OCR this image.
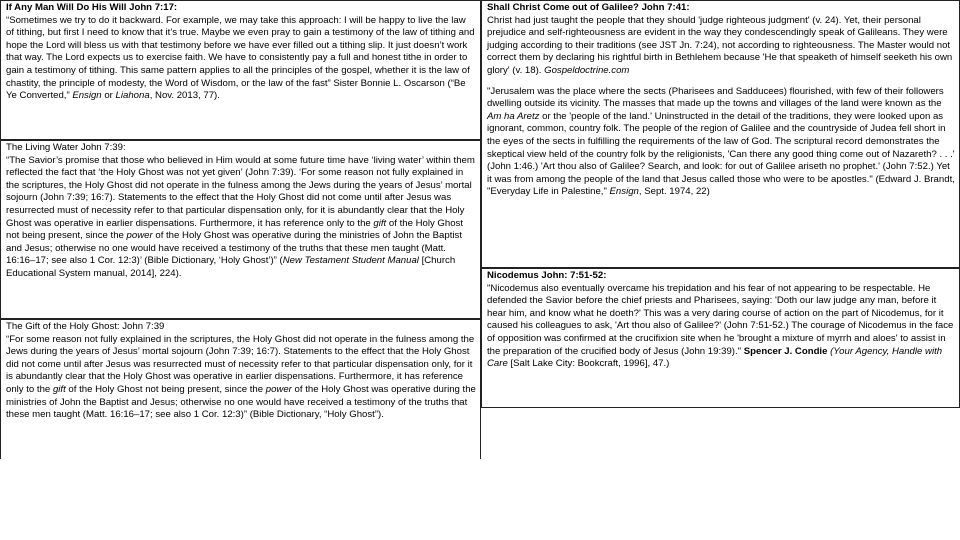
If Any Man Will Do His Will John 7:17:
“Sometimes we try to do it backward. For example, we may take this approach: I will be happy to live the law of tithing, but first I need to know that it’s true. Maybe we even pray to gain a testimony of the law of tithing and hope the Lord will bless us with that testimony before we have ever filled out a tithing slip. It just doesn’t work that way. The Lord expects us to exercise faith. We have to consistently pay a full and honest tithe in order to gain a testimony of tithing. This same pattern applies to all the principles of the gospel, whether it is the law of chastity, the principle of modesty, the Word of Wisdom, or the law of the fast” Sister Bonnie L. Oscarson (“Be Ye Converted,” Ensign or Liahona, Nov. 2013, 77).

The Living Water John 7:39:
“The Savior’s promise that those who believed in Him would at some future time have ‘living water’ within them reflected the fact that ‘the Holy Ghost was not yet given’ (John 7:39). ‘For some reason not fully explained in the scriptures, the Holy Ghost did not operate in the fulness among the Jews during the years of Jesus’ mortal sojourn (John 7:39; 16:7). Statements to the effect that the Holy Ghost did not come until after Jesus was resurrected must of necessity refer to that particular dispensation only, for it is abundantly clear that the Holy Ghost was operative in earlier dispensations. Furthermore, it has reference only to the gift of the Holy Ghost not being present, since the power of the Holy Ghost was operative during the ministries of John the Baptist and Jesus; otherwise no one would have received a testimony of the truths that these men taught (Matt. 16:16–17; see also 1 Cor. 12:3)’ (Bible Dictionary, ‘Holy Ghost’)” (New Testament Student Manual [Church Educational System manual, 2014], 224).

The Gift of the Holy Ghost: John 7:39
“For some reason not fully explained in the scriptures, the Holy Ghost did not operate in the fulness among the Jews during the years of Jesus’ mortal sojourn (John 7:39; 16:7). Statements to the effect that the Holy Ghost did not come until after Jesus was resurrected must of necessity refer to that particular dispensation only, for it is abundantly clear that the Holy Ghost was operative in earlier dispensations. Furthermore, it has reference only to the gift of the Holy Ghost not being present, since the power of the Holy Ghost was operative during the ministries of John the Baptist and Jesus; otherwise no one would have received a testimony of the truths that these men taught (Matt. 16:16–17; see also 1 Cor. 12:3)” (Bible Dictionary, “Holy Ghost”).

Shall Christ Come out of Galilee? John 7:41:
Christ had just taught the people that they should 'judge righteous judgment' (v. 24). Yet, their personal prejudice and self-righteousness are evident in the way they condescendingly speak of Galileans. They were judging according to their traditions (see JST Jn. 7:24), not according to righteousness. The Master would not correct them by declaring his rightful birth in Bethlehem because 'He that speaketh of himself seeketh his own glory' (v. 18). Gospeldoctrine.com

"Jerusalem was the place where the sects (Pharisees and Sadducees) flourished, with few of their followers dwelling outside its vicinity. The masses that made up the towns and villages of the land were known as the Am ha Aretz or the 'people of the land.' Uninstructed in the detail of the traditions, they were looked upon as ignorant, common, country folk. The people of the region of Galilee and the countryside of Judea fell short in the eyes of the sects in fulfilling the requirements of the law of God. The scriptural record demonstrates the skeptical view held of the country folk by the religionists, 'Can there any good thing come out of Nazareth? . . .' (John 1:46.) 'Art thou also of Galilee? Search, and look: for out of Galilee ariseth no prophet.' (John 7:52.) Yet it was from among the people of the land that Jesus called those who were to be apostles." (Edward J. Brandt, "Everyday Life in Palestine," Ensign, Sept. 1974, 22)

Nicodemus John: 7:51-52:
"Nicodemus also eventually overcame his trepidation and his fear of not appearing to be respectable. He defended the Savior before the chief priests and Pharisees, saying: 'Doth our law judge any man, before it hear him, and know what he doeth?' This was a very daring course of action on the part of Nicodemus, for it caused his colleagues to ask, 'Art thou also of Galilee?' (John 7:51-52.) The courage of Nicodemus in the face of opposition was confirmed at the crucifixion site when he 'brought a mixture of myrrh and aloes' to assist in the preparation of the crucified body of Jesus (John 19:39)." Spencer J. Condie (Your Agency, Handle with Care [Salt Lake City: Bookcraft, 1996], 47.)
